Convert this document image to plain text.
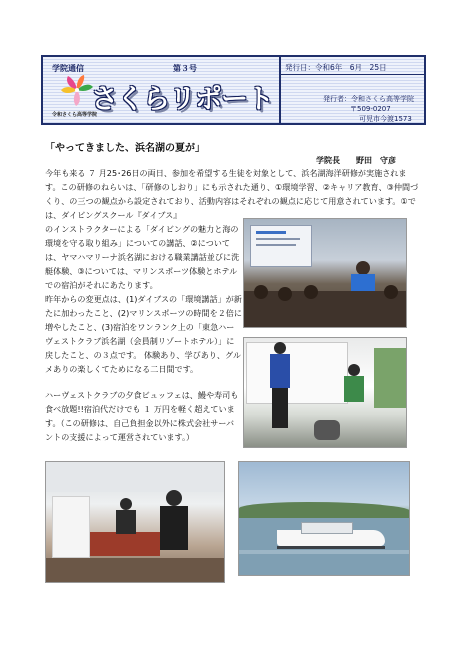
学院通信	第３号
令和さくら高等学院
さくらリポート
発行日：令和6年　6月　25日
発行者：令和さくら高等学院
〒509-0207
可児市今渡1573
「やってきました、浜名湖の夏が」
学院長　　野田　守彦

今年も来る ７ 月25･26日の両日、参加を希望する生徒を対象として、浜名湖海洋研修が実施されます。この研修のねらいは、「研修のしおり」にも示された通り、①環境学習、②キャリア教育、③仲間づくり、の三つの観点から設定されており、活動内容はそれぞれの観点に応じて用意されています。①では、ダイビングスクール『ダイブス』

のインストラクターによる「ダイビングの魅力と海の環境を守る取り組み」についての講話、②については、ヤマハマリーナ浜名湖における職業講話並びに洗艇体験、③については、マリンスポーツ体験とホテルでの宿泊がそれにあたります。

昨年からの変更点は、(1)ダイブスの「環境講話」が新たに加わったこと、(2)マリンスポーツの時間を２倍に増やしたこと、(3)宿泊をワンランク上の「東急ハーヴェストクラブ浜名湖（会員制リゾートホテル）」に戻したこと、の３点です。 体験あり、学びあり、グルメありの楽しくてためになる二日間です。

ハーヴェストクラブの夕食ビュッフェは、鰻や寿司も食べ放題!!宿泊代だけでも １ 万円を軽く超えています。（この研修は、自己負担金以外に株式会社サーバントの支援によって運営されています。）
